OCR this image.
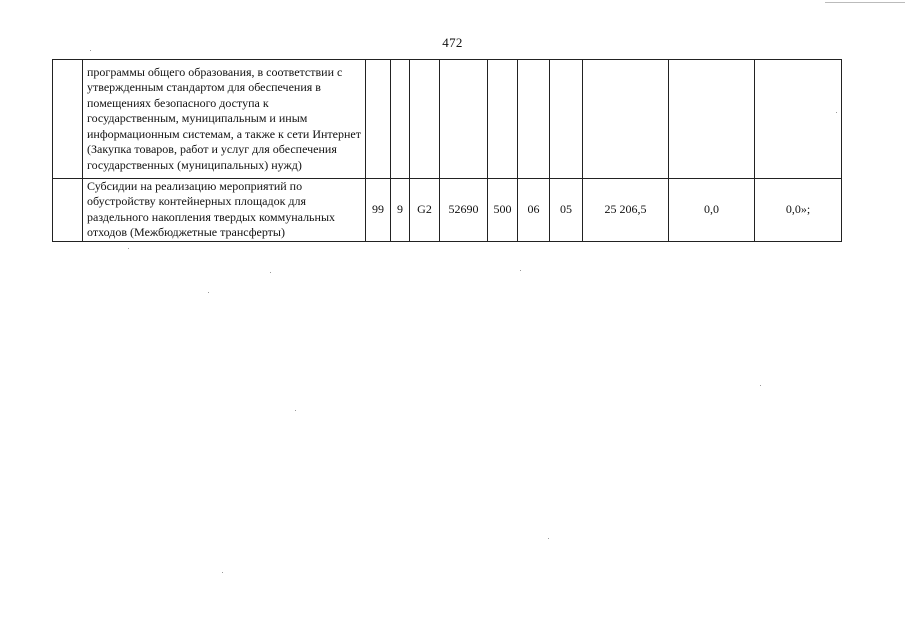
472

	программы общего образования, в соответствии с утвержденным стандартом для обеспечения в помещениях безопасного доступа к государственным, муниципальным и иным информационным системам, а также к сети Интернет (Закупка товаров, работ и услуг для обеспечения государственных (муниципальных) нужд)										

	Субсидии на реализацию мероприятий по обустройству контейнерных площадок для раздельного накопления твердых коммунальных отходов (Межбюджетные трансферты)	99	9	G2	52690	500	06	05	25 206,5	0,0	0,0»;
